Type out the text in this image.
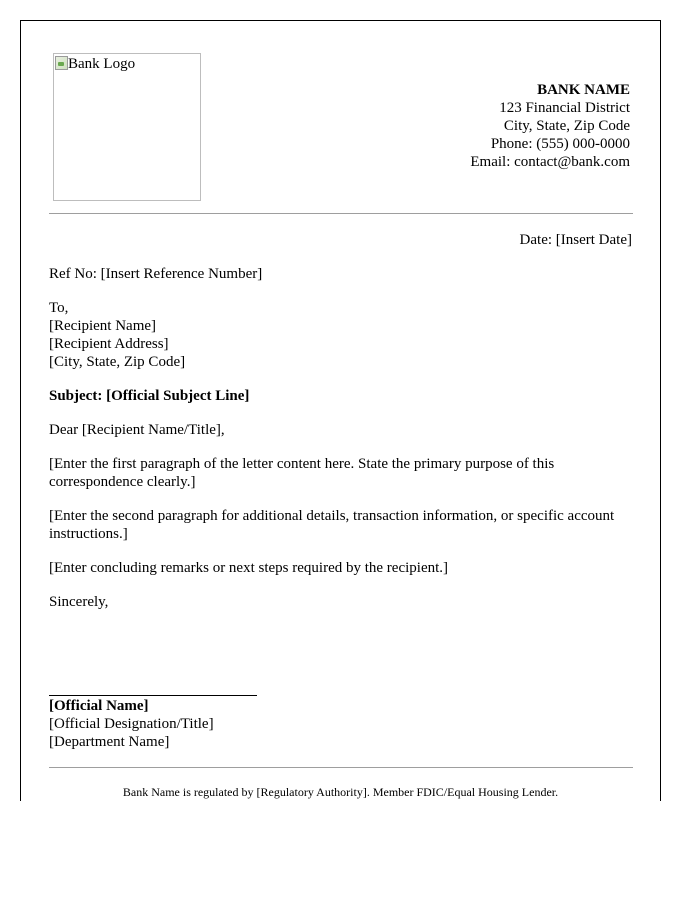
Bank Logo
BANK NAME
123 Financial District
City, State, Zip Code
Phone: (555) 000-0000
Email: contact@bank.com
Date: [Insert Date]
Ref No: [Insert Reference Number]
To,
[Recipient Name]
[Recipient Address]
[City, State, Zip Code]
Subject: [Official Subject Line]
Dear [Recipient Name/Title],
[Enter the first paragraph of the letter content here. State the primary purpose of this correspondence clearly.]
[Enter the second paragraph for additional details, transaction information, or specific account instructions.]
[Enter concluding remarks or next steps required by the recipient.]
Sincerely,
[Official Name]
[Official Designation/Title]
[Department Name]
Bank Name is regulated by [Regulatory Authority]. Member FDIC/Equal Housing Lender.
